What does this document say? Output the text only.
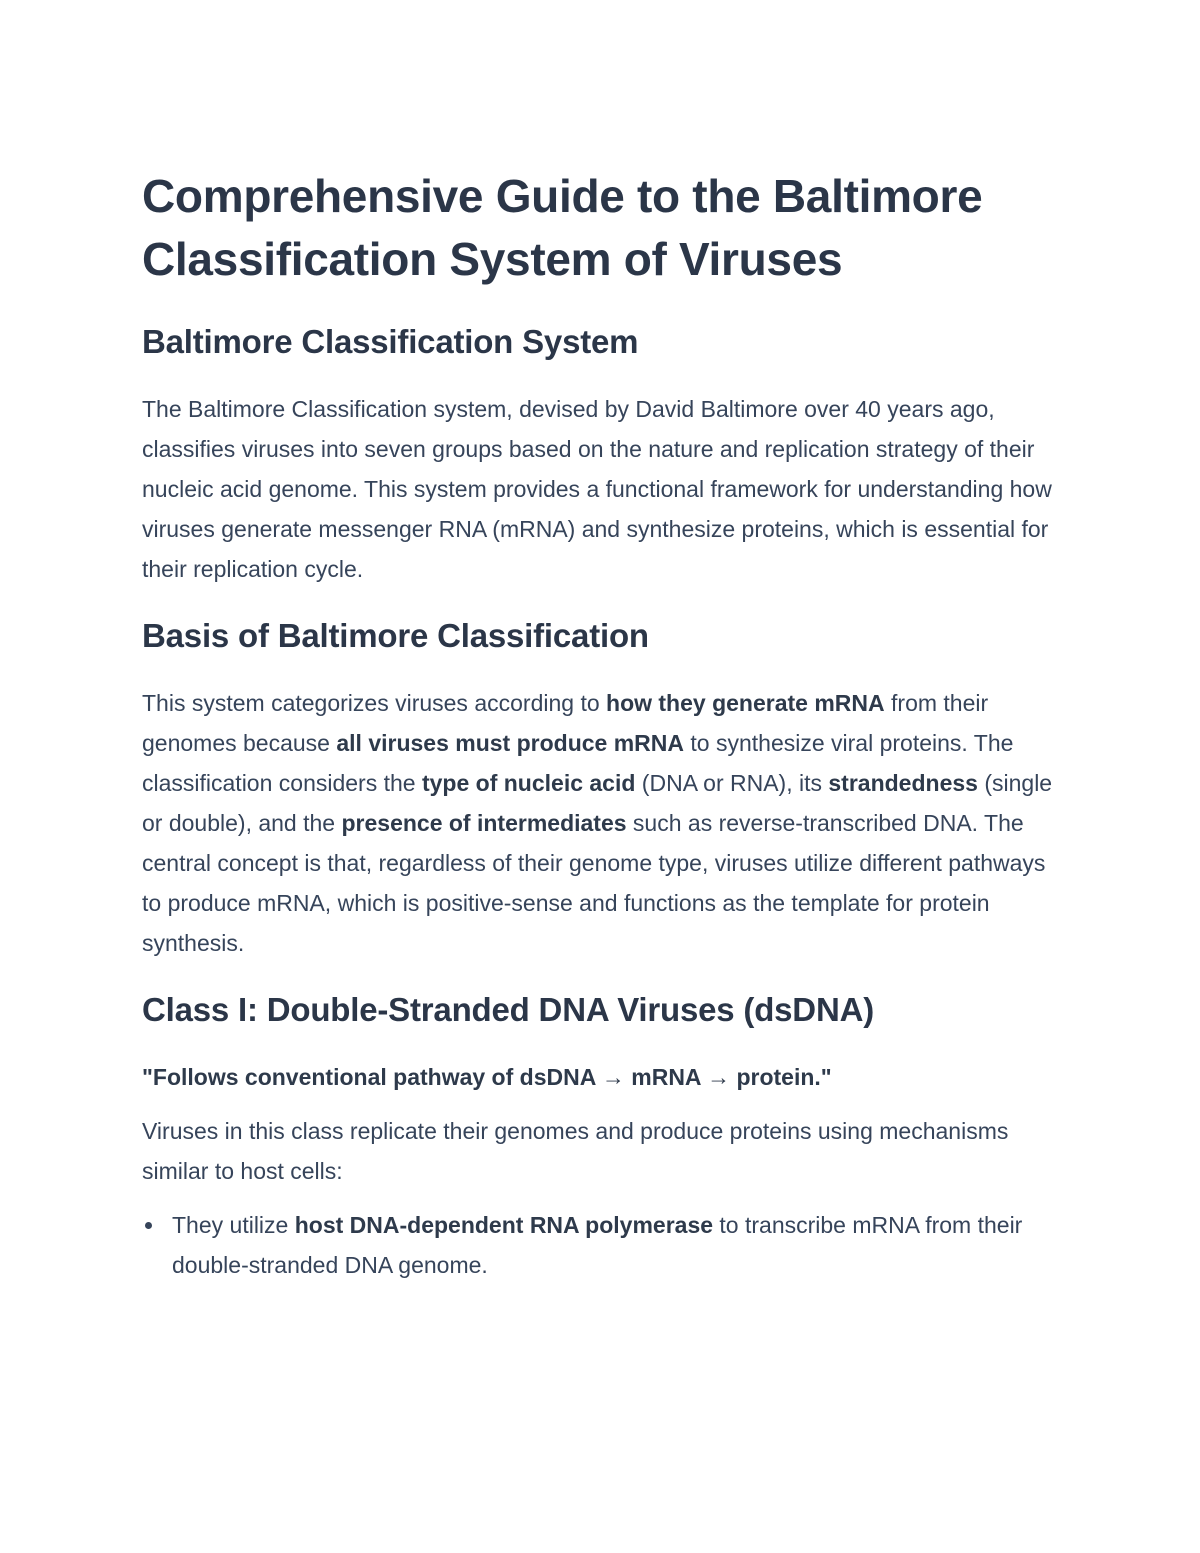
Comprehensive Guide to the Baltimore Classification System of Viruses
Baltimore Classification System

The Baltimore Classification system, devised by David Baltimore over 40 years ago, classifies viruses into seven groups based on the nature and replication strategy of their nucleic acid genome. This system provides a functional framework for understanding how viruses generate messenger RNA (mRNA) and synthesize proteins, which is essential for their replication cycle.

Basis of Baltimore Classification

This system categorizes viruses according to how they generate mRNA from their genomes because all viruses must produce mRNA to synthesize viral proteins. The classification considers the type of nucleic acid (DNA or RNA), its strandedness (single or double), and the presence of intermediates such as reverse-transcribed DNA. The central concept is that, regardless of their genome type, viruses utilize different pathways to produce mRNA, which is positive-sense and functions as the template for protein synthesis.

Class I: Double-Stranded DNA Viruses (dsDNA)

"Follows conventional pathway of dsDNA → mRNA → protein."

Viruses in this class replicate their genomes and produce proteins using mechanisms similar to host cells:

They utilize host DNA-dependent RNA polymerase to transcribe mRNA from their double-stranded DNA genome.
